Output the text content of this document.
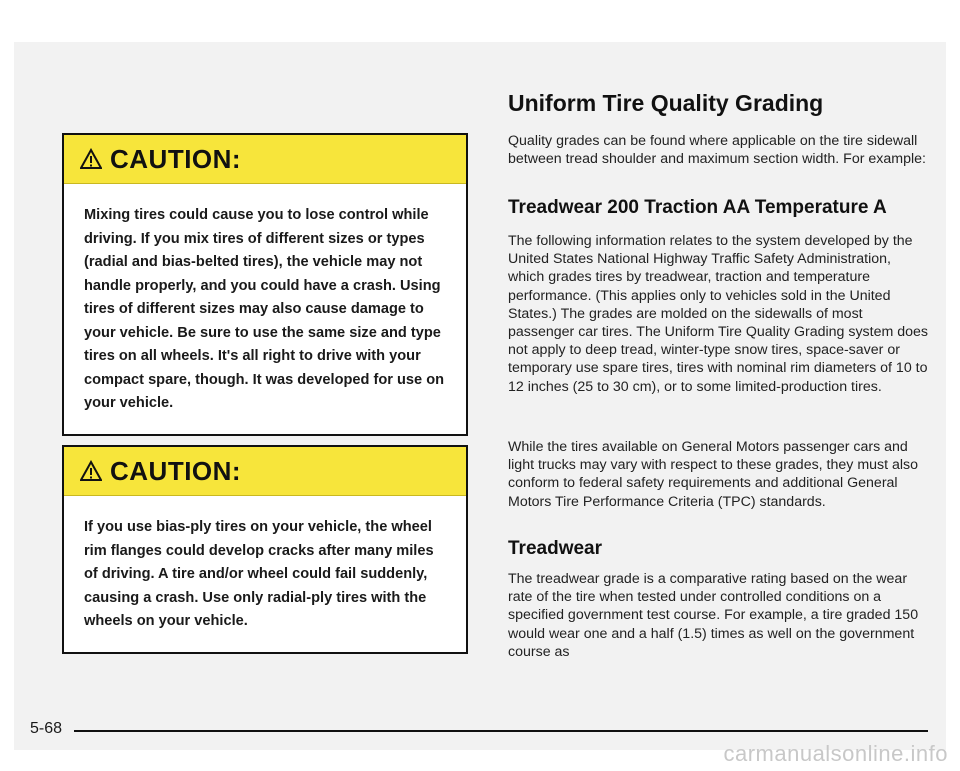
CAUTION:
Mixing tires could cause you to lose control while driving. If you mix tires of different sizes or types (radial and bias-belted tires), the vehicle may not handle properly, and you could have a crash. Using tires of different sizes may also cause damage to your vehicle. Be sure to use the same size and type tires on all wheels. It's all right to drive with your compact spare, though. It was developed for use on your vehicle.
CAUTION:
If you use bias-ply tires on your vehicle, the wheel rim flanges could develop cracks after many miles of driving. A tire and/or wheel could fail suddenly, causing a crash. Use only radial-ply tires with the wheels on your vehicle.
Uniform Tire Quality Grading

Quality grades can be found where applicable on the tire sidewall between tread shoulder and maximum section width. For example:

Treadwear 200 Traction AA Temperature A

The following information relates to the system developed by the United States National Highway Traffic Safety Administration, which grades tires by treadwear, traction and temperature performance. (This applies only to vehicles sold in the United States.) The grades are molded on the sidewalls of most passenger car tires. The Uniform Tire Quality Grading system does not apply to deep tread, winter-type snow tires, space-saver or temporary use spare tires, tires with nominal rim diameters of 10 to 12 inches (25 to 30 cm), or to some limited-production tires.

While the tires available on General Motors passenger cars and light trucks may vary with respect to these grades, they must also conform to federal safety requirements and additional General Motors Tire Performance Criteria (TPC) standards.

Treadwear

The treadwear grade is a comparative rating based on the wear rate of the tire when tested under controlled conditions on a specified government test course. For example, a tire graded 150 would wear one and a half (1.5) times as well on the government course as

5-68
carmanualsonline.info
